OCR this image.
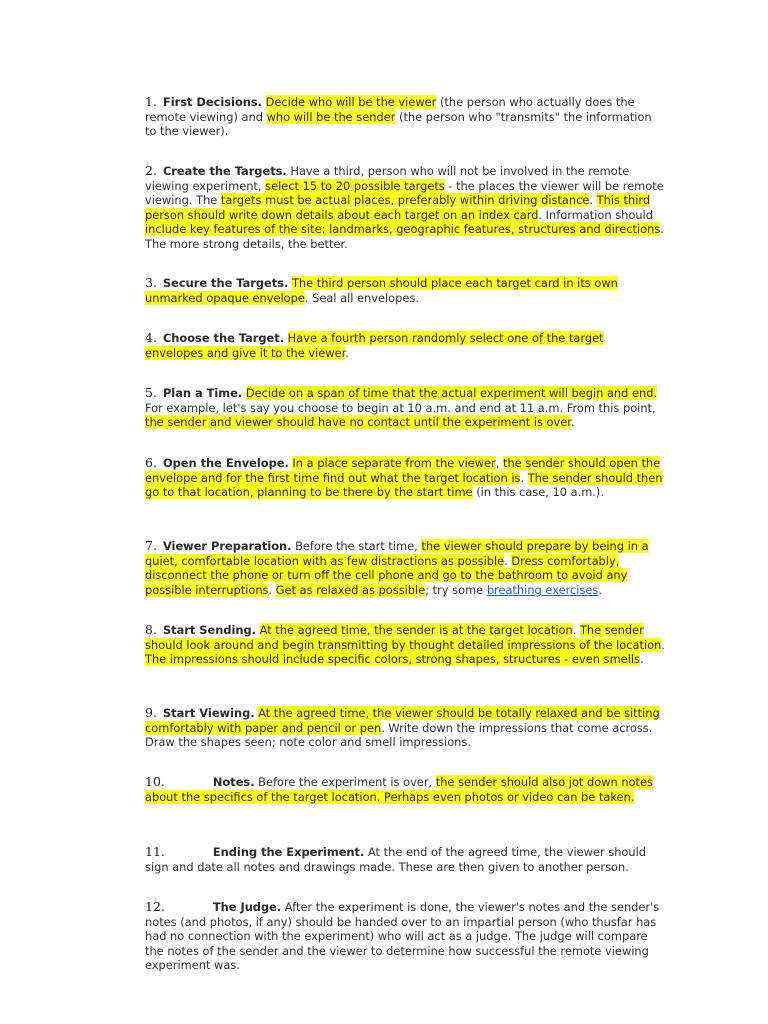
1. First Decisions. Decide who will be the viewer (the person who actually does the remote viewing) and who will be the sender (the person who "transmits" the information to the viewer).

2. Create the Targets. Have a third, person who will not be involved in the remote viewing experiment, select 15 to 20 possible targets - the places the viewer will be remote viewing. The targets must be actual places, preferably within driving distance. This third person should write down details about each target on an index card. Information should include key features of the site: landmarks, geographic features, structures and directions. The more strong details, the better.

3. Secure the Targets. The third person should place each target card in its own unmarked opaque envelope. Seal all envelopes.

4. Choose the Target. Have a fourth person randomly select one of the target envelopes and give it to the viewer.

5. Plan a Time. Decide on a span of time that the actual experiment will begin and end. For example, let's say you choose to begin at 10 a.m. and end at 11 a.m. From this point, the sender and viewer should have no contact until the experiment is over.

6. Open the Envelope. In a place separate from the viewer, the sender should open the envelope and for the first time find out what the target location is. The sender should then go to that location, planning to be there by the start time (in this case, 10 a.m.).

7. Viewer Preparation. Before the start time, the viewer should prepare by being in a quiet, comfortable location with as few distractions as possible. Dress comfortably, disconnect the phone or turn off the cell phone and go to the bathroom to avoid any possible interruptions. Get as relaxed as possible; try some breathing exercises.

8. Start Sending. At the agreed time, the sender is at the target location. The sender should look around and begin transmitting by thought detailed impressions of the location. The impressions should include specific colors, strong shapes, structures - even smells.

9. Start Viewing. At the agreed time, the viewer should be totally relaxed and be sitting comfortably with paper and pencil or pen. Write down the impressions that come across. Draw the shapes seen; note color and smell impressions.

10.	Notes. Before the experiment is over, the sender should also jot down notes about the specifics of the target location. Perhaps even photos or video can be taken.

11.	Ending the Experiment. At the end of the agreed time, the viewer should sign and date all notes and drawings made. These are then given to another person.

12.	The Judge. After the experiment is done, the viewer's notes and the sender's notes (and photos, if any) should be handed over to an impartial person (who thusfar has had no connection with the experiment) who will act as a judge. The judge will compare the notes of the sender and the viewer to determine how successful the remote viewing experiment was.
